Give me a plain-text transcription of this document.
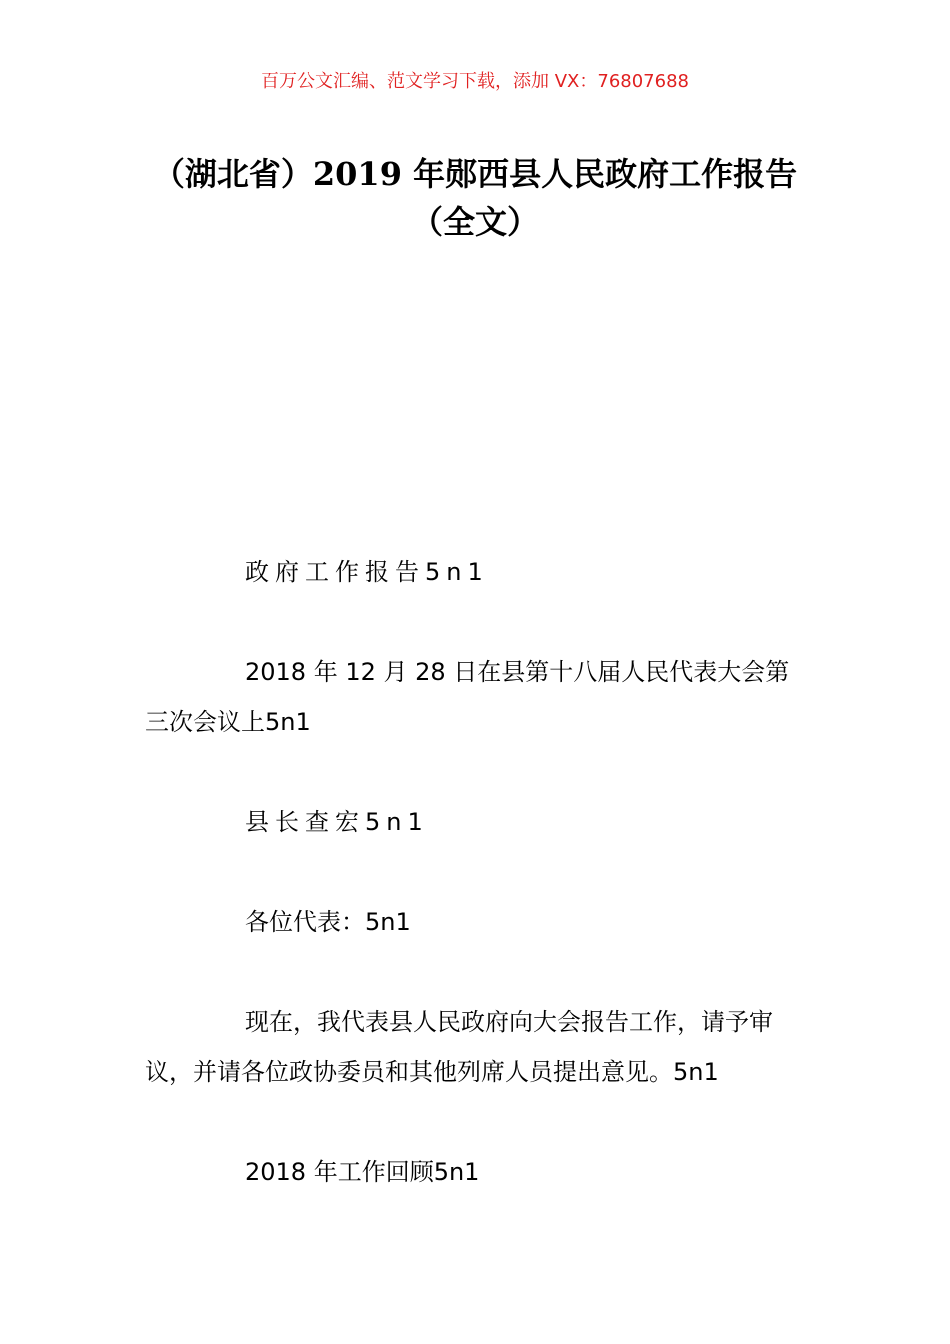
百万公文汇编、范文学习下载，添加 VX：76807688
（湖北省）2019 年郧西县人民政府工作报告（全文）
政府工作报告5n1
2018 年 12 月 28 日在县第十八届人民代表大会第三次会议上5n1
县长查宏5n1
各位代表：5n1
现在，我代表县人民政府向大会报告工作，请予审议，并请各位政协委员和其他列席人员提出意见。5n1
2018 年工作回顾5n1
